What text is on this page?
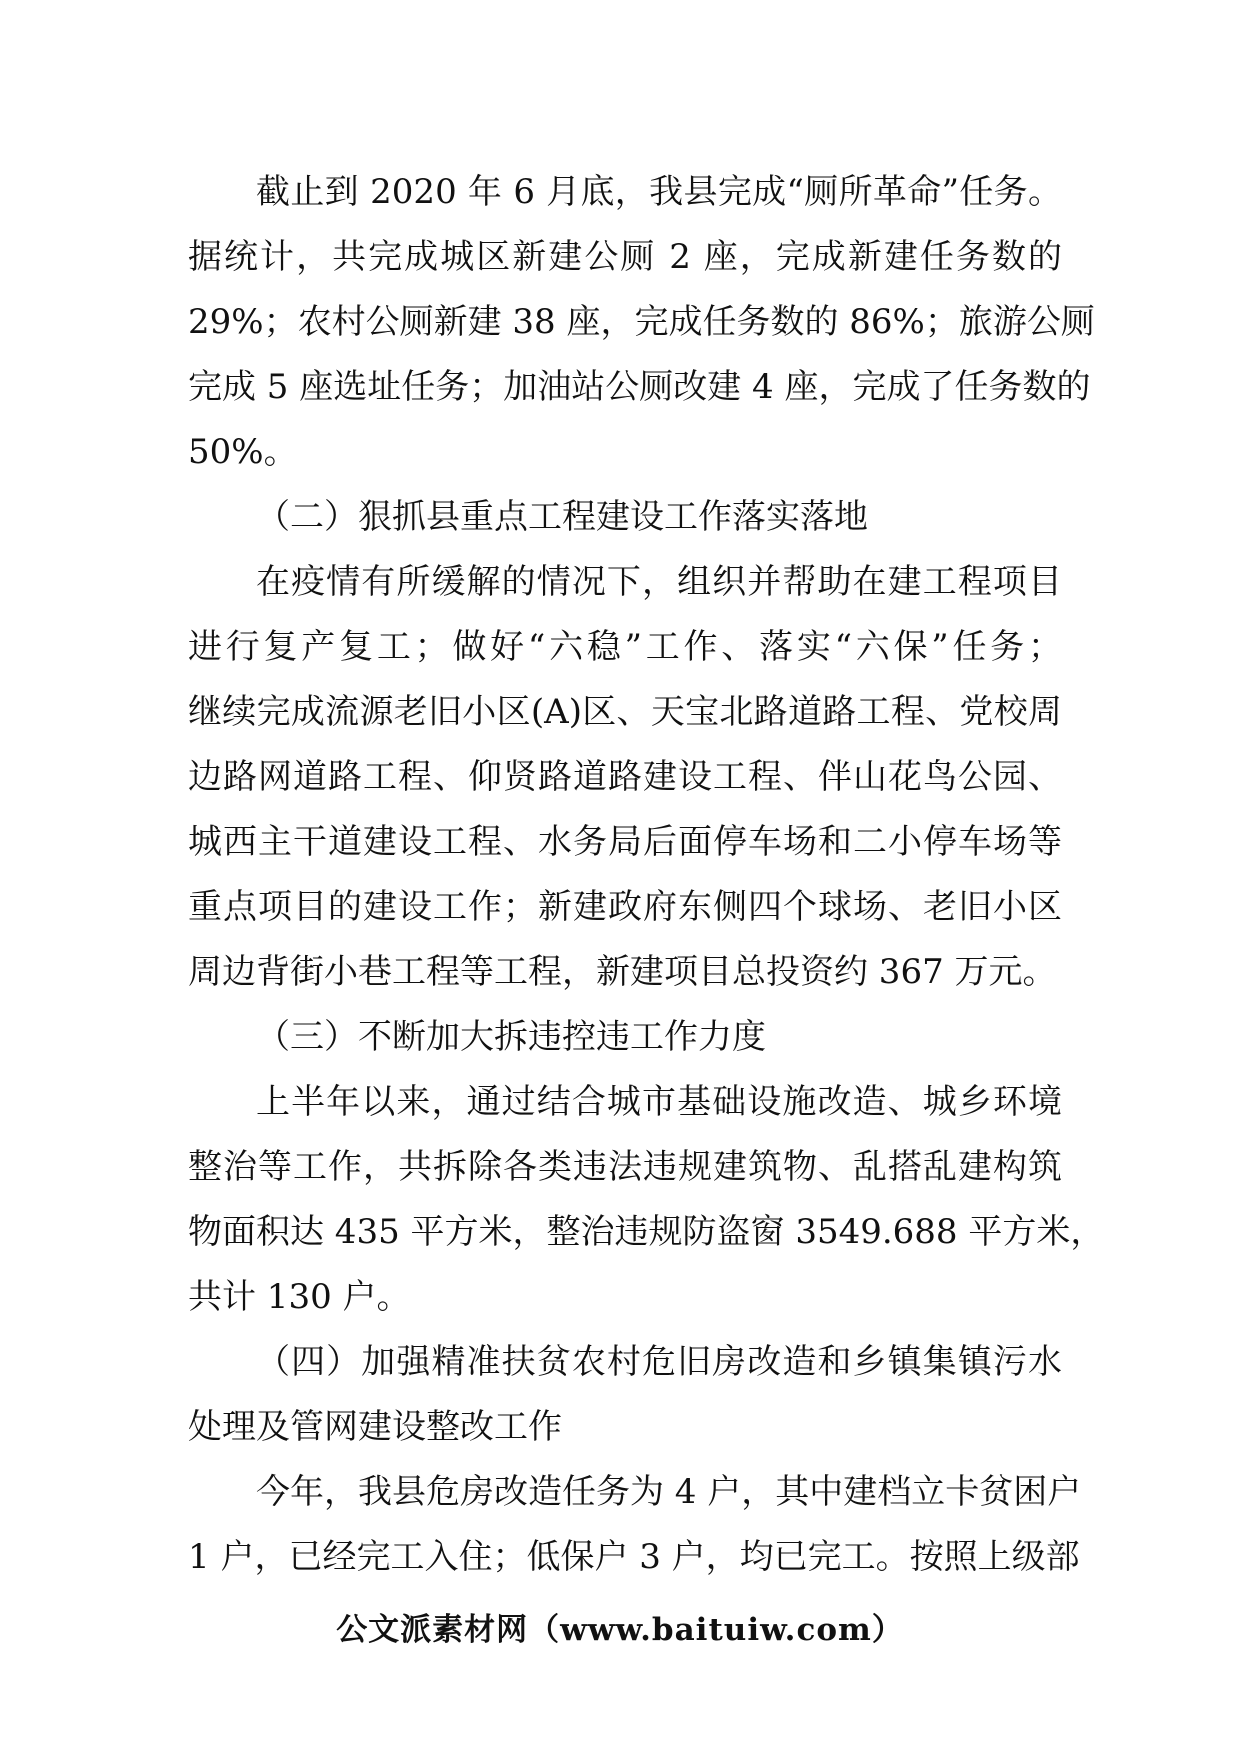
截止到 2020 年 6 月底，我县完成“厕所革命”任务。
据统计，共完成城区新建公厕 2 座，完成新建任务数的
29%；农村公厕新建 38 座，完成任务数的 86%；旅游公厕
完成 5 座选址任务；加油站公厕改建 4 座，完成了任务数的
50%。
（二）狠抓县重点工程建设工作落实落地
在疫情有所缓解的情况下，组织并帮助在建工程项目
进行复产复工；做好“六稳”工作、落实“六保”任务；
继续完成流源老旧小区(A)区、天宝北路道路工程、党校周
边路网道路工程、仰贤路道路建设工程、伴山花鸟公园、
城西主干道建设工程、水务局后面停车场和二小停车场等
重点项目的建设工作；新建政府东侧四个球场、老旧小区
周边背街小巷工程等工程，新建项目总投资约 367 万元。
（三）不断加大拆违控违工作力度
上半年以来，通过结合城市基础设施改造、城乡环境
整治等工作，共拆除各类违法违规建筑物、乱搭乱建构筑
物面积达 435 平方米，整治违规防盗窗 3549.688 平方米，
共计 130 户。
（四）加强精准扶贫农村危旧房改造和乡镇集镇污水
处理及管网建设整改工作
今年，我县危房改造任务为 4 户，其中建档立卡贫困户
1 户，已经完工入住；低保户 3 户，均已完工。按照上级部
公文派素材网（www.baituiw.com）
